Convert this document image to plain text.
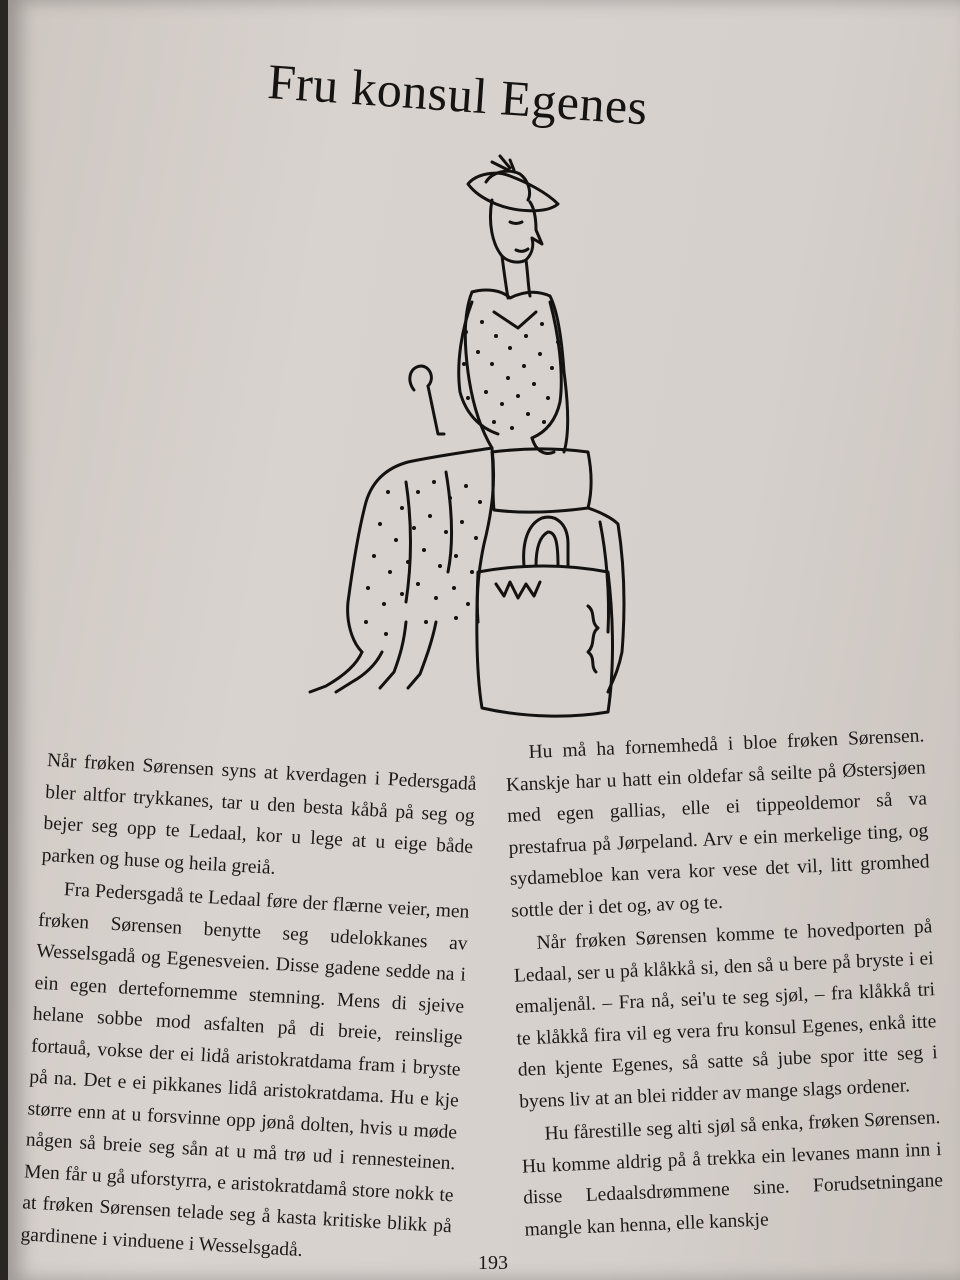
Fru konsul Egenes

Når frøken Sørensen syns at kverdagen i Pedersgadå bler altfor trykkanes, tar u den besta kåbå på seg og bejer seg opp te Ledaal, kor u lege at u eige både parken og huse og heila greiå.

Fra Pedersgadå te Ledaal føre der flærne veier, men frøken Sørensen benytte seg udelokkanes av Wesselsgadå og Egenesveien. Disse gadene sedde na i ein egen dertefornemme stemning. Mens di sjeive helane sobbe mod asfalten på di breie, reinslige fortauå, vokse der ei lidå aristokratdama fram i bryste på na. Det e ei pikkanes lidå aristokratdama. Hu e kje større enn at u forsvinne opp jønå dolten, hvis u møde någen så breie seg sån at u må trø ud i rennesteinen. Men får u gå uforstyrra, e aristokratdamå store nokk te at frøken Sørensen telade seg å kasta kritiske blikk på gardinene i vinduene i Wesselsgadå.

Hu må ha fornemhedå i bloe frøken Sørensen. Kanskje har u hatt ein oldefar så seilte på Østersjøen med egen gallias, elle ei tippeoldemor så va prestafrua på Jørpeland. Arv e ein merkelige ting, og sydamebloe kan vera kor vese det vil, litt gromhed sottle der i det og, av og te.

Når frøken Sørensen komme te hovedporten på Ledaal, ser u på klåkkå si, den så u bere på bryste i ei emaljenål. – Fra nå, sei'u te seg sjøl, – fra klåkkå tri te klåkkå fira vil eg vera fru konsul Egenes, enkå itte den kjente Egenes, så satte så jube spor itte seg i byens liv at an blei ridder av mange slags ordener.

Hu fårestille seg alti sjøl så enka, frøken Sørensen. Hu komme aldrig på å trekka ein levanes mann inn i disse Ledaalsdrømmene sine. Forudsetningane mangle kan henna, elle kanskje

193
